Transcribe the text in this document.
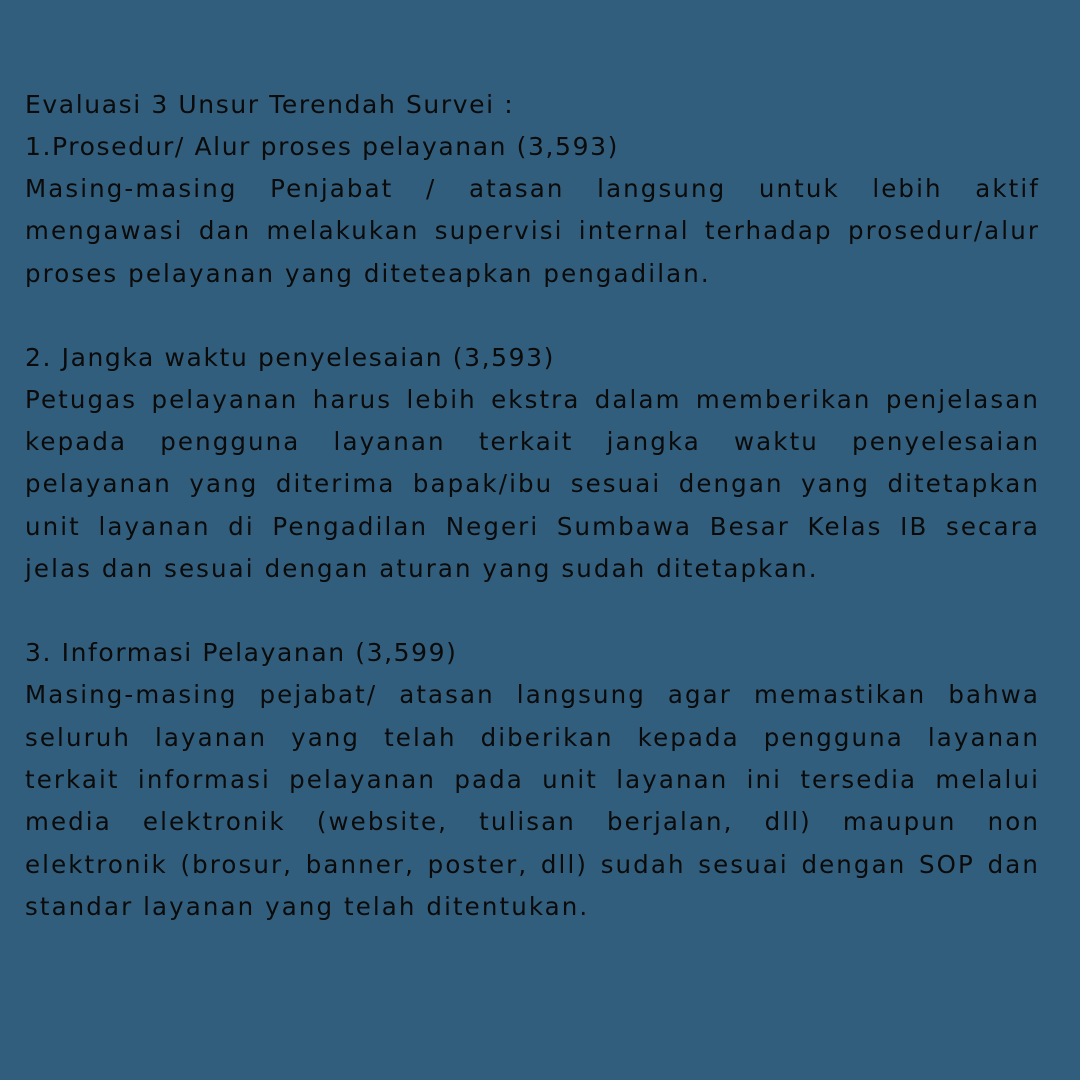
Evaluasi 3 Unsur Terendah Survei :

1.Prosedur/ Alur proses pelayanan (3,593)

Masing-masing Penjabat / atasan langsung untuk lebih aktif mengawasi dan melakukan supervisi internal terhadap prosedur/alur proses pelayanan yang diteteapkan pengadilan.

2. Jangka waktu penyelesaian (3,593)

Petugas pelayanan harus lebih ekstra dalam memberikan penjelasan kepada pengguna layanan terkait jangka waktu penyelesaian pelayanan yang diterima bapak/ibu sesuai dengan yang ditetapkan unit layanan di Pengadilan Negeri Sumbawa Besar Kelas IB secara jelas dan sesuai dengan aturan yang sudah ditetapkan.

3. Informasi Pelayanan (3,599)

Masing-masing pejabat/ atasan langsung agar memastikan bahwa seluruh layanan yang telah diberikan kepada pengguna layanan terkait informasi pelayanan pada unit layanan ini tersedia melalui media elektronik (website, tulisan berjalan, dll) maupun non elektronik (brosur, banner, poster, dll) sudah sesuai dengan SOP dan standar layanan yang telah ditentukan.
